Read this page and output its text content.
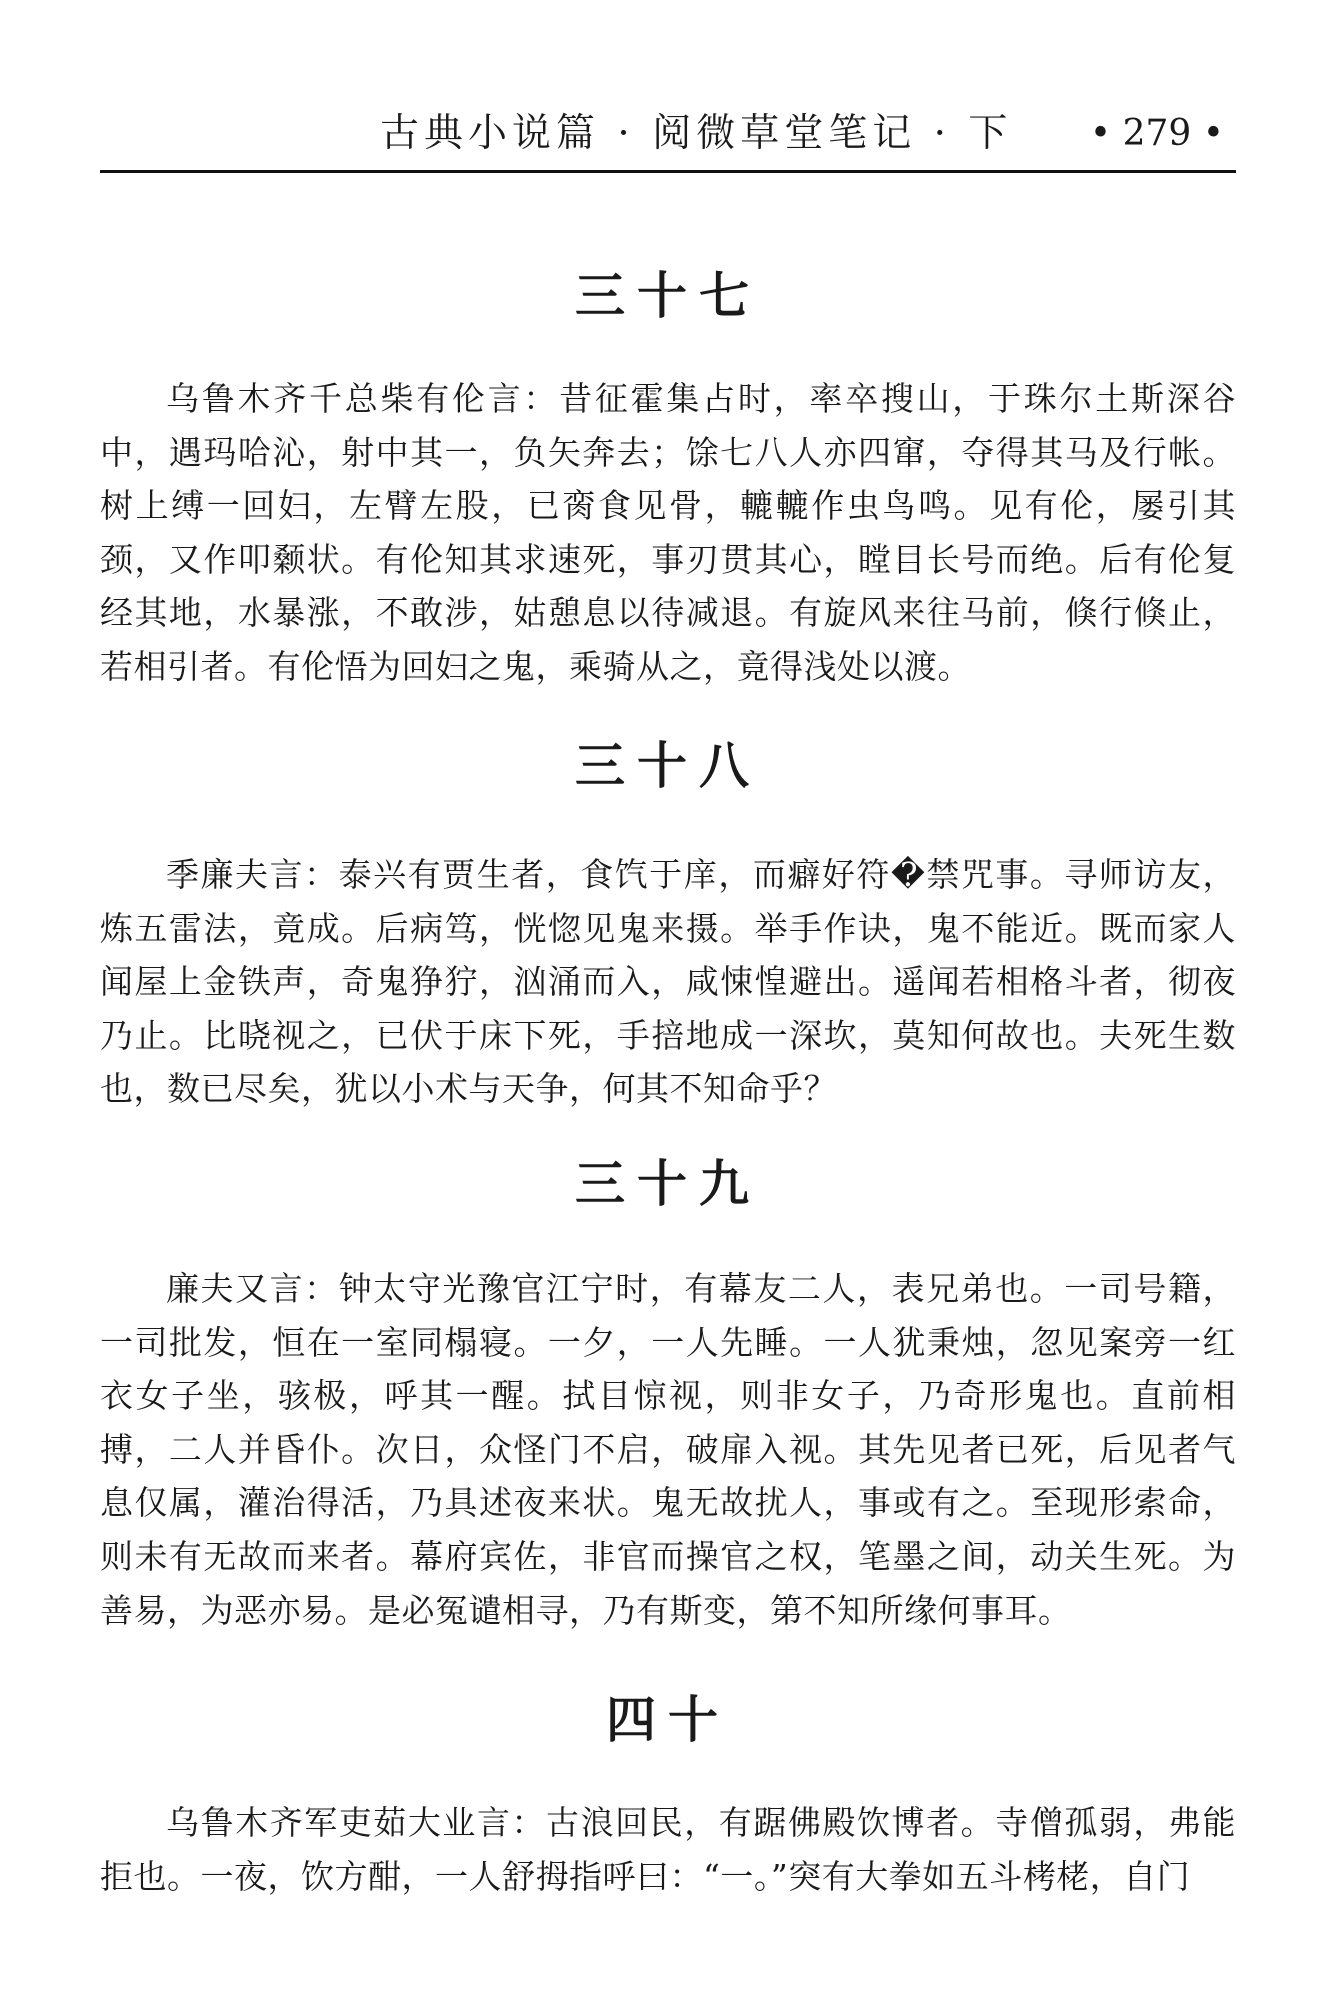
古典小说篇 · 阅微草堂笔记 · 下 • 279 •
三十七

乌鲁木齐千总柴有伦言：昔征霍集占时，率卒搜山，于珠尔土斯深谷中，遇玛哈沁，射中其一，负矢奔去；馀七八人亦四窜，夺得其马及行帐。树上缚一回妇，左臂左股，已脔食见骨，轆轆作虫鸟鸣。见有伦，屡引其颈，又作叩颡状。有伦知其求速死，事刃贯其心，瞠目长号而绝。后有伦复经其地，水暴涨，不敢涉，姑憩息以待减退。有旋风来往马前，倏行倏止，若相引者。有伦悟为回妇之鬼，乘骑从之，竟得浅处以渡。

三十八

季廉夫言：泰兴有贾生者，食饩于庠，而癖好符�禁咒事。寻师访友，炼五雷法，竟成。后病笃，恍惚见鬼来摄。举手作诀，鬼不能近。既而家人闻屋上金铁声，奇鬼狰狞，汹涌而入，咸悚惶避出。遥闻若相格斗者，彻夜乃止。比晓视之，已伏于床下死，手掊地成一深坎，莫知何故也。夫死生数也，数已尽矣，犹以小术与天争，何其不知命乎？

三十九

廉夫又言：钟太守光豫官江宁时，有幕友二人，表兄弟也。一司号籍，一司批发，恒在一室同榻寝。一夕，一人先睡。一人犹秉烛，忽见案旁一红衣女子坐，骇极，呼其一醒。拭目惊视，则非女子，乃奇形鬼也。直前相搏，二人并昏仆。次日，众怪门不启，破扉入视。其先见者已死，后见者气息仅属，灌治得活，乃具述夜来状。鬼无故扰人，事或有之。至现形索命，则未有无故而来者。幕府宾佐，非官而操官之权，笔墨之间，动关生死。为善易，为恶亦易。是必冤谴相寻，乃有斯变，第不知所缘何事耳。

四十

乌鲁木齐军吏茹大业言：古浪回民，有踞佛殿饮博者。寺僧孤弱，弗能拒也。一夜，饮方酣，一人舒拇指呼曰：“一。”突有大拳如五斗栲栳，自门
